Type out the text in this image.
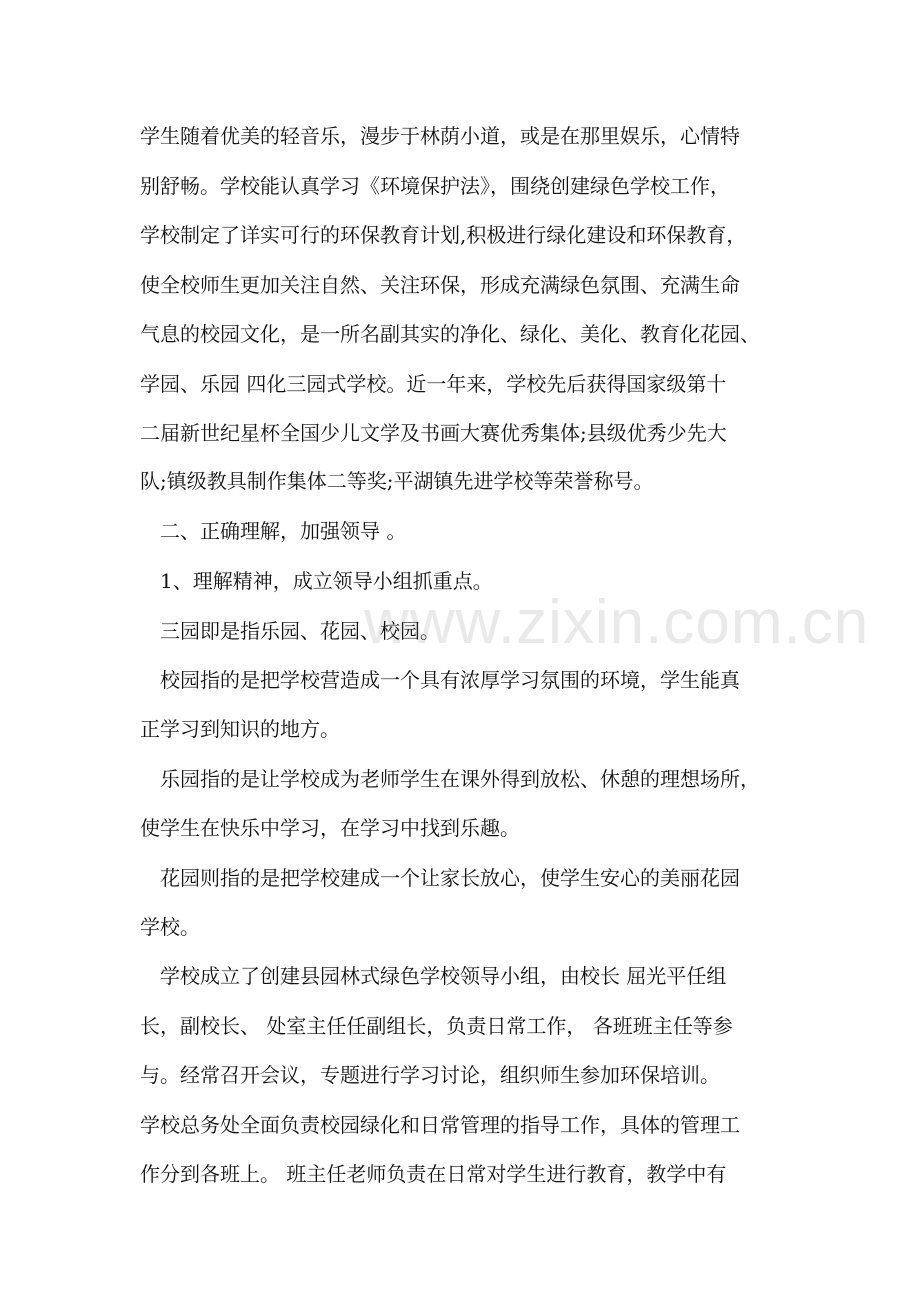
学生随着优美的轻音乐，漫步于林荫小道，或是在那里娱乐，心情特
别舒畅。学校能认真学习《环境保护法》，围绕创建绿色学校工作，
学校制定了详实可行的环保教育计划,积极进行绿化建设和环保教育，
使全校师生更加关注自然、关注环保，形成充满绿色氛围、充满生命
气息的校园文化，是一所名副其实的净化、绿化、美化、教育化花园、
学园、乐园 四化三园式学校。近一年来，学校先后获得国家级第十
二届新世纪星杯全国少儿文学及书画大赛优秀集体;县级优秀少先大
队;镇级教具制作集体二等奖;平湖镇先进学校等荣誉称号。
二、正确理解，加强领导 。
1、理解精神，成立领导小组抓重点。
三园即是指乐园、花园、校园。
校园指的是把学校营造成一个具有浓厚学习氛围的环境，学生能真
正学习到知识的地方。
乐园指的是让学校成为老师学生在课外得到放松、休憩的理想场所，
使学生在快乐中学习，在学习中找到乐趣。
花园则指的是把学校建成一个让家长放心，使学生安心的美丽花园
学校。
学校成立了创建县园林式绿色学校领导小组，由校长 屈光平任组
长，副校长、 处室主任任副组长，负责日常工作， 各班班主任等参
与。经常召开会议，专题进行学习讨论，组织师生参加环保培训。
学校总务处全面负责校园绿化和日常管理的指导工作，具体的管理工
作分到各班上。 班主任老师负责在日常对学生进行教育，教学中有
www.zixin.com.cn
